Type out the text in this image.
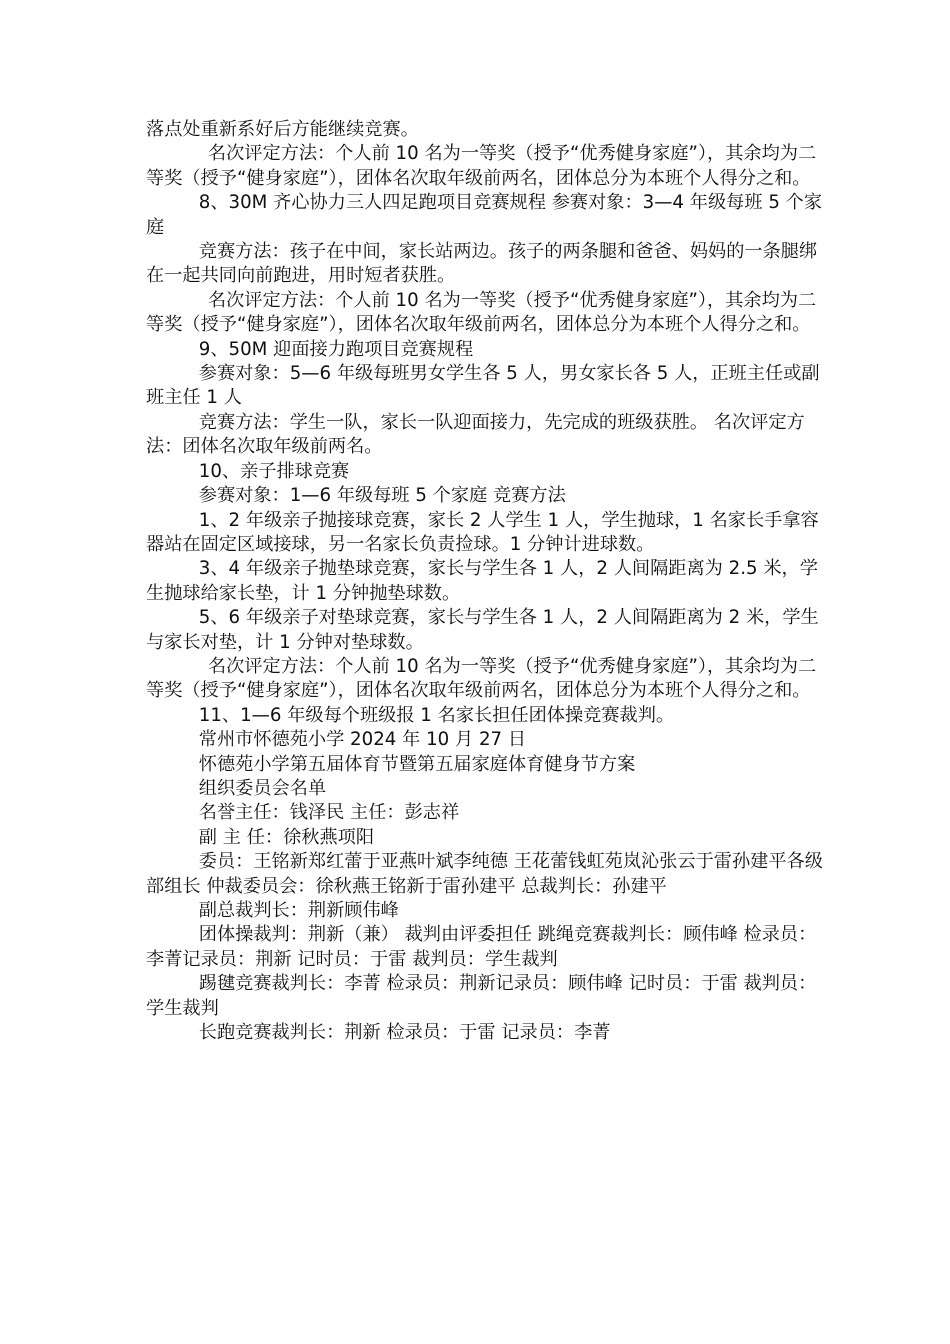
落点处重新系好后方能继续竞赛。

名次评定方法：个人前 10 名为一等奖（授予“优秀健身家庭”），其余均为二等奖（授予“健身家庭”），团体名次取年级前两名，团体总分为本班个人得分之和。

8、30M 齐心协力三人四足跑项目竞赛规程 参赛对象：3—4 年级每班 5 个家庭

竞赛方法：孩子在中间，家长站两边。孩子的两条腿和爸爸、妈妈的一条腿绑在一起共同向前跑进，用时短者获胜。

名次评定方法：个人前 10 名为一等奖（授予“优秀健身家庭”），其余均为二等奖（授予“健身家庭”），团体名次取年级前两名，团体总分为本班个人得分之和。

9、50M 迎面接力跑项目竞赛规程

参赛对象：5—6 年级每班男女学生各 5 人，男女家长各 5 人，正班主任或副班主任 1 人

竞赛方法：学生一队，家长一队迎面接力，先完成的班级获胜。 名次评定方法：团体名次取年级前两名。

10、亲子排球竞赛

参赛对象：1—6 年级每班 5 个家庭 竞赛方法

1、2 年级亲子抛接球竞赛，家长 2 人学生 1 人，学生抛球，1 名家长手拿容器站在固定区域接球，另一名家长负责捡球。1 分钟计进球数。

3、4 年级亲子抛垫球竞赛，家长与学生各 1 人，2 人间隔距离为 2.5 米，学生抛球给家长垫，计 1 分钟抛垫球数。

5、6 年级亲子对垫球竞赛，家长与学生各 1 人，2 人间隔距离为 2 米，学生与家长对垫，计 1 分钟对垫球数。

名次评定方法：个人前 10 名为一等奖（授予“优秀健身家庭”），其余均为二等奖（授予“健身家庭”），团体名次取年级前两名，团体总分为本班个人得分之和。

11、1—6 年级每个班级报 1 名家长担任团体操竞赛裁判。

常州市怀德苑小学 2024 年 10 月 27 日

怀德苑小学第五届体育节暨第五届家庭体育健身节方案

组织委员会名单

名誉主任：钱泽民 主任：彭志祥

副 主 任：徐秋燕项阳

委员：王铭新郑红蕾于亚燕叶斌李纯德 王花蕾钱虹苑岚沁张云于雷孙建平各级部组长 仲裁委员会：徐秋燕王铭新于雷孙建平 总裁判长：孙建平

副总裁判长：荆新顾伟峰

团体操裁判：荆新（兼） 裁判由评委担任 跳绳竞赛裁判长：顾伟峰 检录员：李菁记录员：荆新 记时员：于雷 裁判员：学生裁判

踢毽竞赛裁判长：李菁 检录员：荆新记录员：顾伟峰 记时员：于雷 裁判员：学生裁判

长跑竞赛裁判长：荆新 检录员：于雷 记录员：李菁
